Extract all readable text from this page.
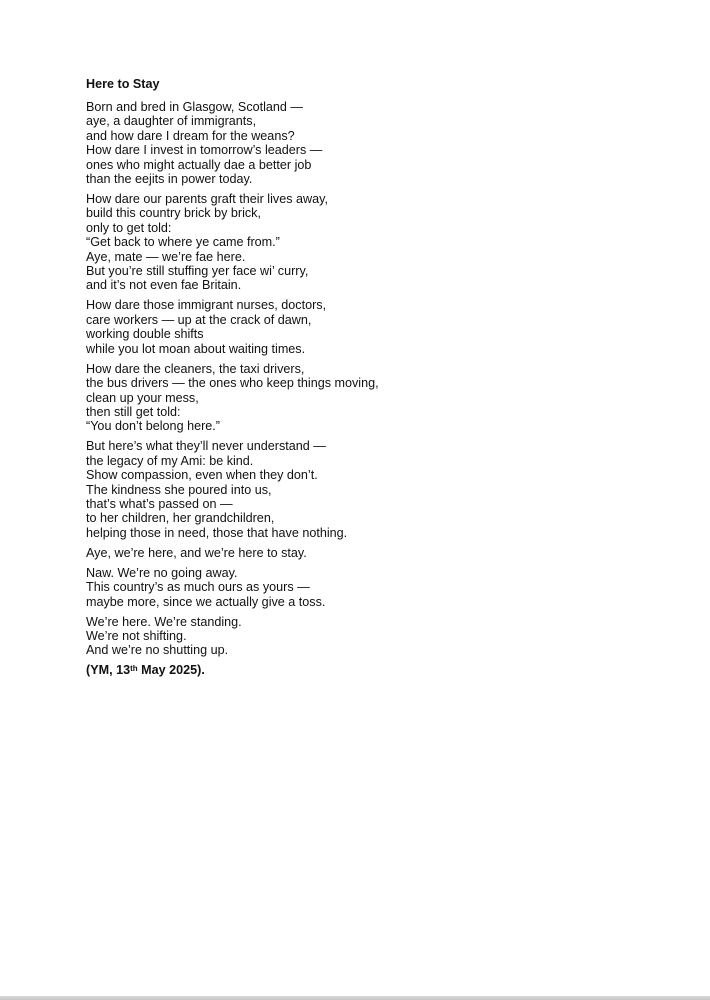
Here to Stay
Born and bred in Glasgow, Scotland —
aye, a daughter of immigrants,
and how dare I dream for the weans?
How dare I invest in tomorrow’s leaders —
ones who might actually dae a better job
than the eejits in power today.
How dare our parents graft their lives away,
build this country brick by brick,
only to get told:
“Get back to where ye came from.”
Aye, mate — we’re fae here.
But you’re still stuffing yer face wi’ curry,
and it’s not even fae Britain.
How dare those immigrant nurses, doctors,
care workers — up at the crack of dawn,
working double shifts
while you lot moan about waiting times.
How dare the cleaners, the taxi drivers,
the bus drivers — the ones who keep things moving,
clean up your mess,
then still get told:
“You don’t belong here.”
But here’s what they’ll never understand —
the legacy of my Ami: be kind.
Show compassion, even when they don’t.
The kindness she poured into us,
that’s what’s passed on —
to her children, her grandchildren,
helping those in need, those that have nothing.
Aye, we’re here, and we’re here to stay.
Naw. We’re no going away.
This country’s as much ours as yours —
maybe more, since we actually give a toss.
We’re here. We’re standing.
We’re not shifting.
And we’re no shutting up.
(YM, 13th May 2025).
